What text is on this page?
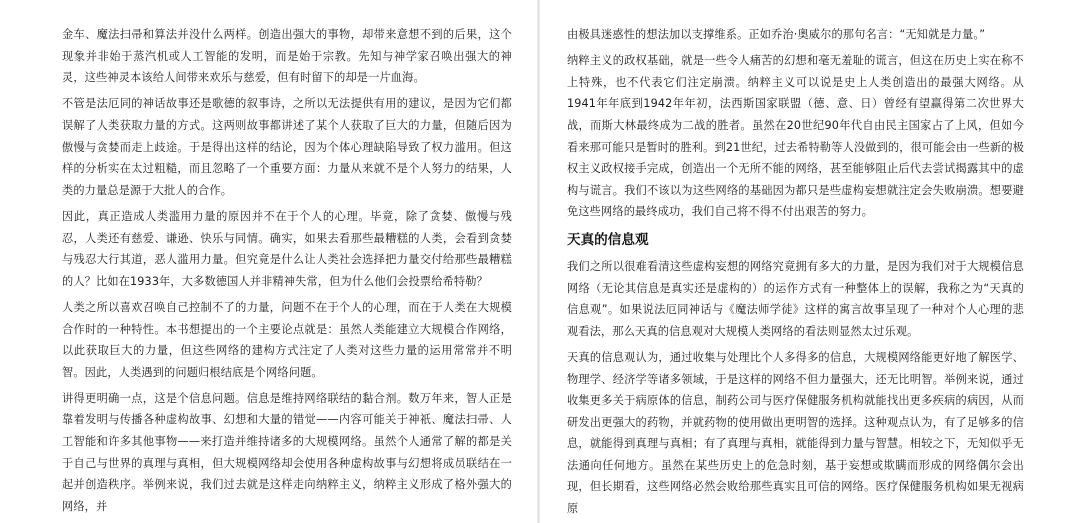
金车、魔法扫帚和算法并没什么两样。创造出强大的事物，却带来意想不到的后果，这个现象并非始于蒸汽机或人工智能的发明，而是始于宗教。先知与神学家召唤出强大的神灵，这些神灵本该给人间带来欢乐与慈爱，但有时留下的却是一片血海。

不管是法厄同的神话故事还是歌德的叙事诗，之所以无法提供有用的建议，是因为它们都误解了人类获取力量的方式。这两则故事都讲述了某个人获取了巨大的力量，但随后因为傲慢与贪婪而走上歧途。于是得出这样的结论，因为个体心理缺陷导致了权力滥用。但这样的分析实在太过粗糙，而且忽略了一个重要方面：力量从来就不是个人努力的结果，人类的力量总是源于大批人的合作。

因此，真正造成人类滥用力量的原因并不在于个人的心理。毕竟，除了贪婪、傲慢与残忍，人类还有慈爱、谦逊、快乐与同情。确实，如果去看那些最糟糕的人类，会看到贪婪与残忍大行其道，恶人滥用力量。但究竟是什么让人类社会选择把力量交付给那些最糟糕的人？比如在1933年，大多数德国人并非精神失常，但为什么他们会投票给希特勒？

人类之所以喜欢召唤自己控制不了的力量，问题不在于个人的心理，而在于人类在大规模合作时的一种特性。本书想提出的一个主要论点就是：虽然人类能建立大规模合作网络，以此获取巨大的力量，但这些网络的建构方式注定了人类对这些力量的运用常常并不明智。因此，人类遇到的问题归根结底是个网络问题。

讲得更明确一点，这是个信息问题。信息是维持网络联结的黏合剂。数万年来，智人正是靠着发明与传播各种虚构故事、幻想和大量的错觉——内容可能关于神祇、魔法扫帚、人工智能和许多其他事物——来打造并维持诸多的大规模网络。虽然个人通常了解的都是关于自己与世界的真理与真相，但大规模网络却会使用各种虚构故事与幻想将成员联结在一起并创造秩序。举例来说，我们过去就是这样走向纳粹主义，纳粹主义形成了格外强大的网络，并

由极具迷惑性的想法加以支撑维系。正如乔治·奥威尔的那句名言：“无知就是力量。”

纳粹主义的政权基础，就是一些令人痛苦的幻想和毫无羞耻的谎言，但这在历史上实在称不上特殊，也不代表它们注定崩溃。纳粹主义可以说是史上人类创造出的最强大网络。从1941年年底到1942年年初，法西斯国家联盟（德、意、日）曾经有望赢得第二次世界大战，而斯大林最终成为二战的胜者。虽然在20世纪90年代自由民主国家占了上风，但如今看来那可能只是暂时的胜利。到21世纪，过去希特勒等人没做到的，很可能会由一些新的极权主义政权接手完成，创造出一个无所不能的网络，甚至能够阻止后代去尝试揭露其中的虚构与谎言。我们不该以为这些网络的基础因为都只是些虚构妄想就注定会失败崩溃。想要避免这些网络的最终成功，我们自己将不得不付出艰苦的努力。

天真的信息观

我们之所以很难看清这些虚构妄想的网络究竟拥有多大的力量，是因为我们对于大规模信息网络（无论其信息是真实还是虚构的）的运作方式有一种整体上的误解，我称之为“天真的信息观”。如果说法厄同神话与《魔法师学徒》这样的寓言故事呈现了一种对个人心理的悲观看法，那么天真的信息观对大规模人类网络的看法则显然太过乐观。

天真的信息观认为，通过收集与处理比个人多得多的信息，大规模网络能更好地了解医学、物理学、经济学等诸多领域，于是这样的网络不但力量强大，还无比明智。举例来说，通过收集更多关于病原体的信息，制药公司与医疗保健服务机构就能找出更多疾病的病因，从而研发出更强大的药物，并就药物的使用做出更明智的选择。这种观点认为，有了足够多的信息，就能得到真理与真相；有了真理与真相，就能得到力量与智慧。相较之下，无知似乎无法通向任何地方。虽然在某些历史上的危急时刻，基于妄想或欺瞒而形成的网络偶尔会出现，但长期看，这些网络必然会败给那些真实且可信的网络。医疗保健服务机构如果无视病原
